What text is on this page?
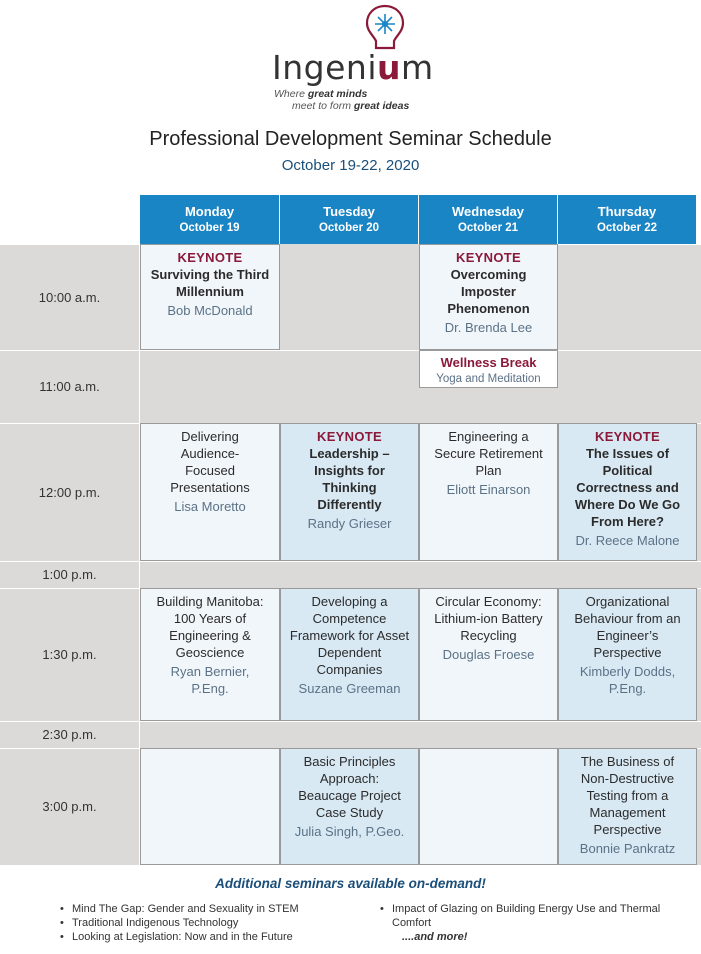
Ingenium
Where great minds
meet to form great ideas
Professional Development Seminar Schedule
October 19-22, 2020
Monday
October 19
Tuesday
October 20
Wednesday
October 21
Thursday
October 22
10:00 a.m.
11:00 a.m.
12:00 p.m.
1:00 p.m.
1:30 p.m.
2:30 p.m.
3:00 p.m.
KEYNOTE
Surviving the Third Millennium
Bob McDonald
KEYNOTE
Overcoming Imposter Phenomenon
Dr. Brenda Lee
Wellness Break
Yoga and Meditation
Delivering Audience-Focused Presentations
Lisa Moretto
KEYNOTE
Leadership – Insights for Thinking Differently
Randy Grieser
Engineering a Secure Retirement Plan
Eliott Einarson
KEYNOTE
The Issues of Political Correctness and Where Do We Go From Here?
Dr. Reece Malone
Building Manitoba: 100 Years of Engineering & Geoscience
Ryan Bernier, P.Eng.
Developing a Competence Framework for Asset Dependent Companies
Suzane Greeman
Circular Economy: Lithium-ion Battery Recycling
Douglas Froese
Organizational Behaviour from an Engineer’s Perspective
Kimberly Dodds, P.Eng.
Basic Principles Approach: Beaucage Project Case Study
Julia Singh, P.Geo.
The Business of Non-Destructive Testing from a Management Perspective
Bonnie Pankratz
Additional seminars available on-demand!
• Mind The Gap: Gender and Sexuality in STEM
• Traditional Indigenous Technology
• Looking at Legislation: Now and in the Future
• Impact of Glazing on Building Energy Use and Thermal Comfort
....and more!
